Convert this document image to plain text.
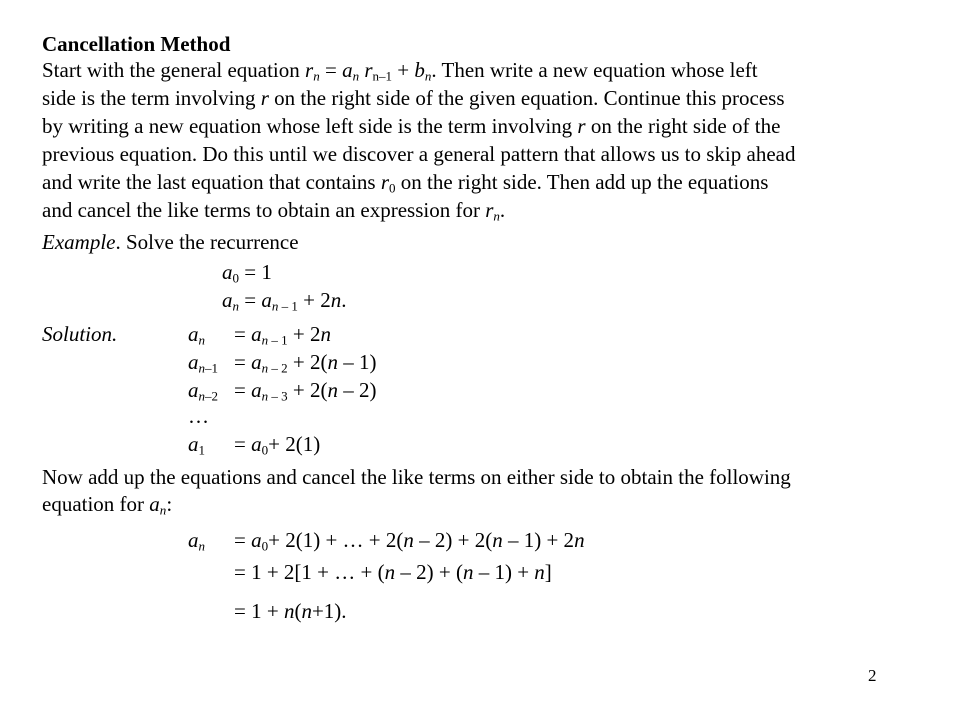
Cancellation Method
Start with the general equation $r_n = a_n$ $r_{n-1} + b_n$. Then write a new equation whose left
side is the term involving r on the right side of the given equation. Continue this process
by writing a new equation whose left side is the term involving r on the right side of the
previous equation. Do this until we discover a general pattern that allows us to skip ahead
and write the last equation that contains $r_0$ on the right side. Then add up the equations
and cancel the like terms to obtain an expression for $r_n$.
Example. Solve the recurrence
$a_0 = 1$
$a_n = a_n$ $_{- 1}$ + 2n.
Solution.	$a_n = a_n$ $_{- 1}$ + 2n
$a_{n-1} = a_n$ $_{- 2}$ + 2(n – 1)
$a_{n-2} = a_n$ $_{- 3}$ + 2(n – 2)
…
$a_1 = a_0+ 2(1)$
Now add up the equations and cancel the like terms on either side to obtain the following
equation for $a_n$:
$a_n = a_0+ 2(1)$ + … + 2(n – 2) + 2(n – 1) + 2n
= 1 + 2[1 + … + (n – 2) + (n – 1) + n]
= 1 + n(n+1).
2
